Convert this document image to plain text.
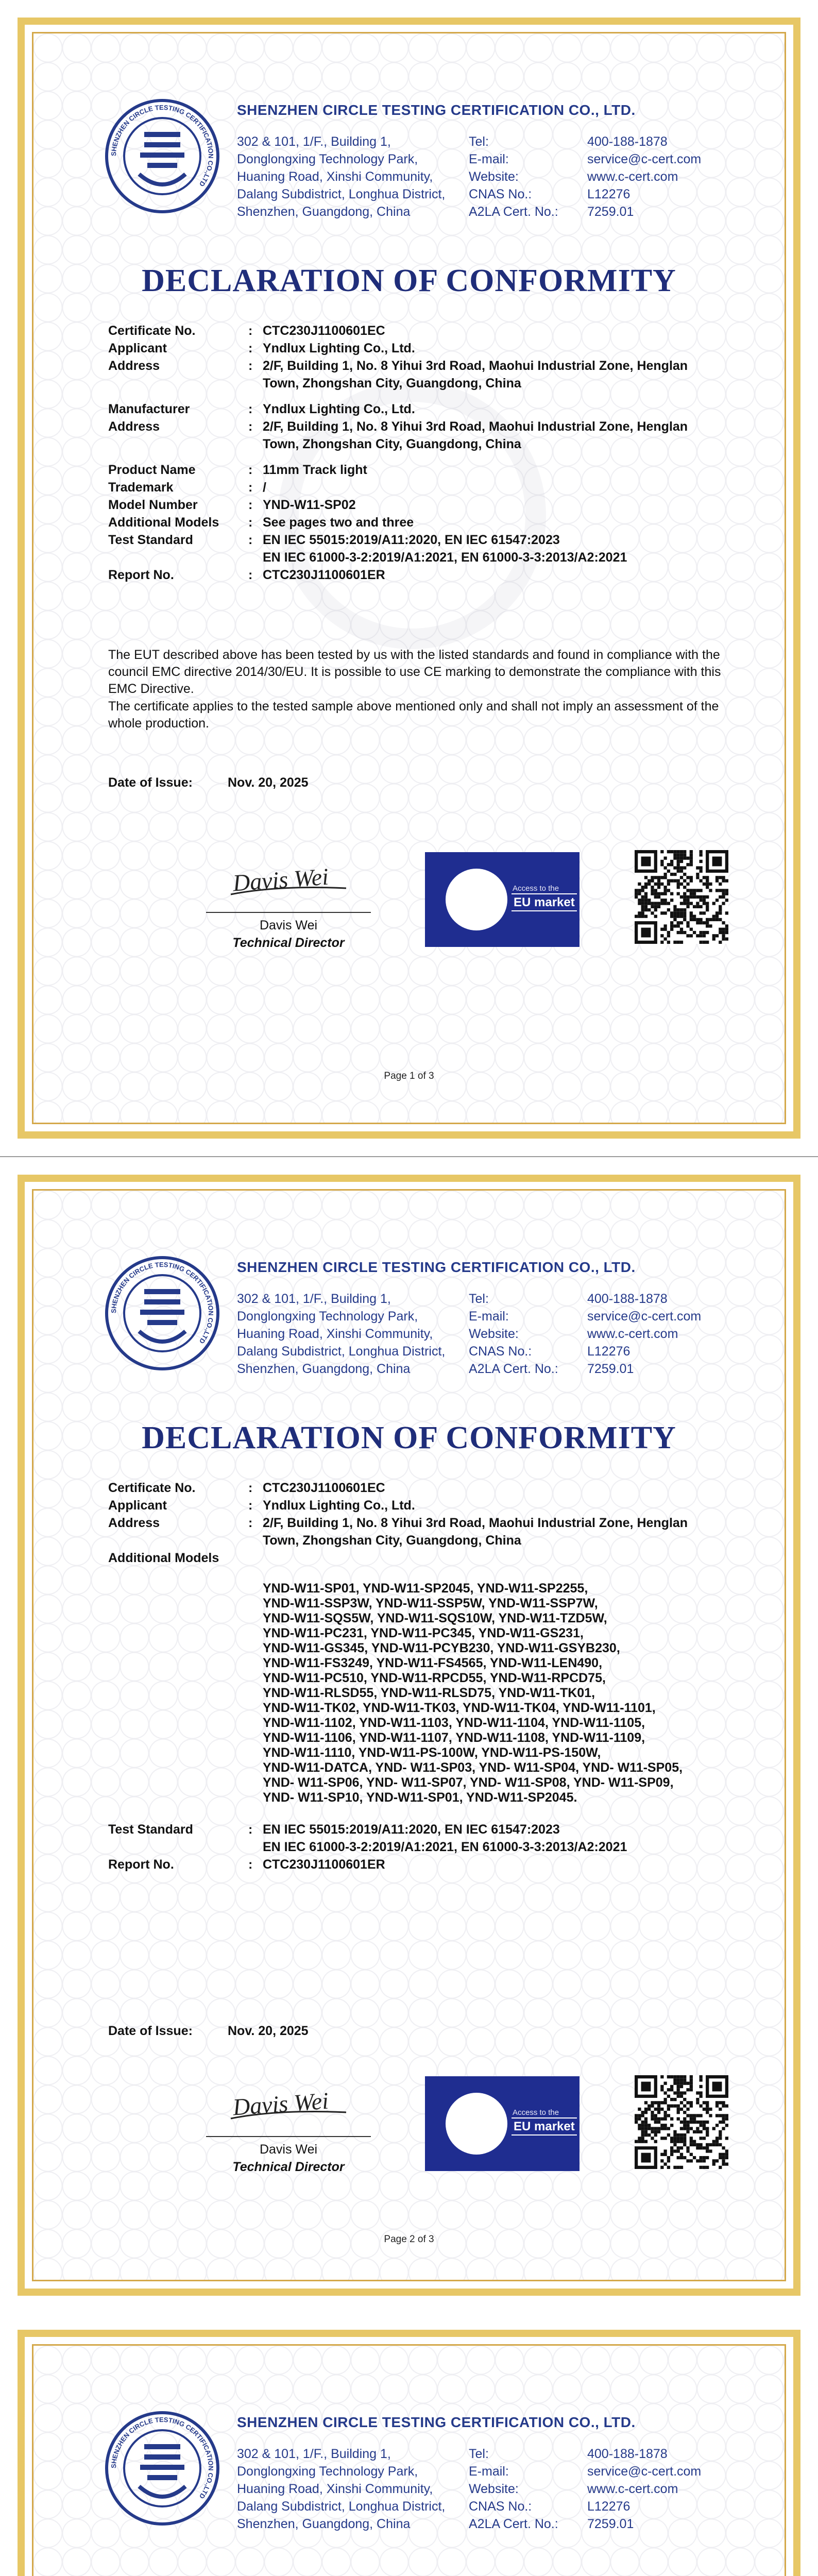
SHENZHEN CIRCLE TESTING CERTIFICATION CO.,LTD
SHENZHEN CIRCLE TESTING CERTIFICATION CO., LTD.
302 & 101, 1/F., Building 1,
Donglongxing Technology Park,
Huaning Road, Xinshi Community,
Dalang Subdistrict, Longhua District,
Shenzhen, Guangdong, China
Tel:	400-188-1878
E-mail:	service@c-cert.com
Website:	www.c-cert.com
CNAS No.:	L12276
A2LA Cert. No.: 7259.01
DECLARATION OF CONFORMITY
Certificate No.	: CTC230J1100601EC
Applicant	: Yndlux Lighting Co., Ltd.
Address	: 2/F, Building 1, No. 8 Yihui 3rd Road, Maohui Industrial Zone, Henglan
Town, Zhongshan City, Guangdong, China
Manufacturer	: Yndlux Lighting Co., Ltd.
Address	: 2/F, Building 1, No. 8 Yihui 3rd Road, Maohui Industrial Zone, Henglan
Town, Zhongshan City, Guangdong, China
Product Name	: 11mm Track light
Trademark	: /
Model Number	: YND-W11-SP02
Additional Models : See pages two and three
Test Standard	: EN IEC 55015:2019/A11:2020, EN IEC 61547:2023
EN IEC 61000-3-2:2019/A1:2021, EN 61000-3-3:2013/A2:2021
Report No.	: CTC230J1100601ER
The EUT described above has been tested by us with the listed standards and found in compliance with the council EMC directive 2014/30/EU. It is possible to use CE marking to demonstrate the compliance with this EMC Directive.
The certificate applies to the tested sample above mentioned only and shall not imply an assessment of the whole production.
Date of Issue:	Nov. 20, 2025
Davis Wei
Davis Wei
Technical Director
Access to the
EU market
Page 1 of 3
SHENZHEN CIRCLE TESTING CERTIFICATION CO.,LTD
SHENZHEN CIRCLE TESTING CERTIFICATION CO., LTD.
302 & 101, 1/F., Building 1,
Donglongxing Technology Park,
Huaning Road, Xinshi Community,
Dalang Subdistrict, Longhua District,
Shenzhen, Guangdong, China
Tel:	400-188-1878
E-mail:	service@c-cert.com
Website:	www.c-cert.com
CNAS No.:	L12276
A2LA Cert. No.: 7259.01
DECLARATION OF CONFORMITY
Certificate No.	: CTC230J1100601EC
Applicant	: Yndlux Lighting Co., Ltd.
Address	: 2/F, Building 1, No. 8 Yihui 3rd Road, Maohui Industrial Zone, Henglan
Town, Zhongshan City, Guangdong, China
Additional Models
YND-W11-SP01, YND-W11-SP2045, YND-W11-SP2255,
YND-W11-SSP3W, YND-W11-SSP5W, YND-W11-SSP7W,
YND-W11-SQS5W, YND-W11-SQS10W, YND-W11-TZD5W,
YND-W11-PC231, YND-W11-PC345, YND-W11-GS231,
YND-W11-GS345, YND-W11-PCYB230, YND-W11-GSYB230,
YND-W11-FS3249, YND-W11-FS4565, YND-W11-LEN490,
YND-W11-PC510, YND-W11-RPCD55, YND-W11-RPCD75,
YND-W11-RLSD55, YND-W11-RLSD75, YND-W11-TK01,
YND-W11-TK02, YND-W11-TK03, YND-W11-TK04, YND-W11-1101,
YND-W11-1102, YND-W11-1103, YND-W11-1104, YND-W11-1105,
YND-W11-1106, YND-W11-1107, YND-W11-1108, YND-W11-1109,
YND-W11-1110, YND-W11-PS-100W, YND-W11-PS-150W,
YND-W11-DATCA, YND- W11-SP03, YND- W11-SP04, YND- W11-SP05,
YND- W11-SP06, YND- W11-SP07, YND- W11-SP08, YND- W11-SP09,
YND- W11-SP10, YND-W11-SP01, YND-W11-SP2045.
Test Standard	: EN IEC 55015:2019/A11:2020, EN IEC 61547:2023
EN IEC 61000-3-2:2019/A1:2021, EN 61000-3-3:2013/A2:2021
Report No.	: CTC230J1100601ER
Date of Issue:	Nov. 20, 2025
Davis Wei
Davis Wei
Technical Director
Access to the
EU market
Page 2 of 3
SHENZHEN CIRCLE TESTING CERTIFICATION CO.,LTD
SHENZHEN CIRCLE TESTING CERTIFICATION CO., LTD.
302 & 101, 1/F., Building 1,
Donglongxing Technology Park,
Huaning Road, Xinshi Community,
Dalang Subdistrict, Longhua District,
Shenzhen, Guangdong, China
Tel:	400-188-1878
E-mail:	service@c-cert.com
Website:	www.c-cert.com
CNAS No.:	L12276
A2LA Cert. No.: 7259.01
